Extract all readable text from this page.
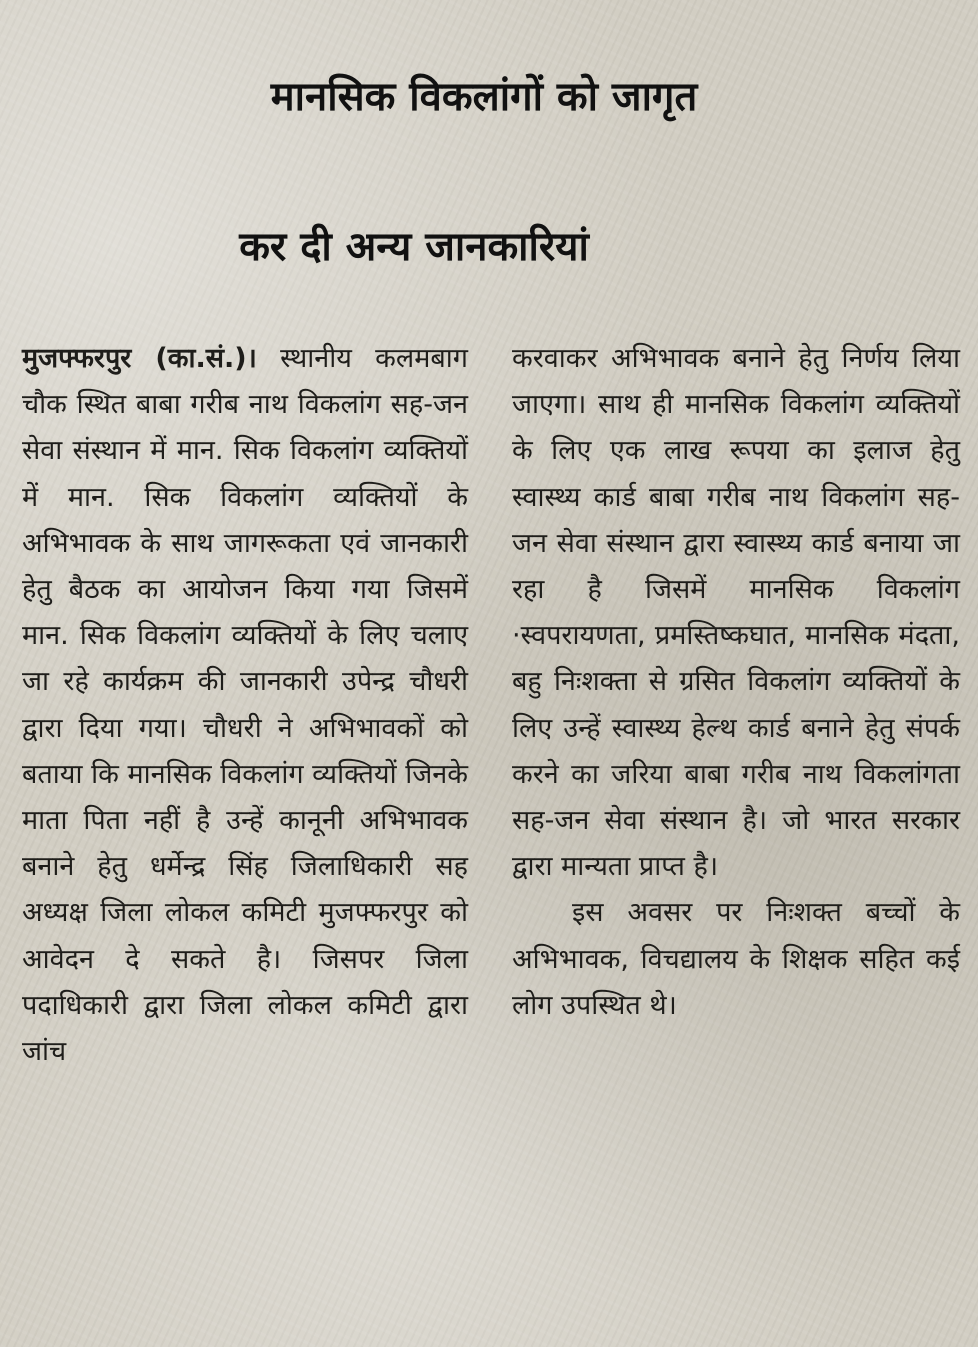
मानसिक विकलांगों को जागृत
कर दी अन्य जानकारियां

मुजफ्फरपुर (का.सं.)। स्थानीय कलमबाग चौक स्थित बाबा गरीब नाथ विकलांग सह-जन सेवा संस्थान में मान. सिक विकलांग व्यक्तियों में मान. सिक विकलांग व्यक्तियों के अभिभावक के साथ जागरूकता एवं जानकारी हेतु बैठक का आयोजन किया गया जिसमें मान. सिक विकलांग व्यक्तियों के लिए चलाए जा रहे कार्यक्रम की जानकारी उपेन्द्र चौधरी द्वारा दिया गया। चौधरी ने अभिभावकों को बताया कि मानसिक विकलांग व्यक्तियों जिनके माता पिता नहीं है उन्हें कानूनी अभिभावक बनाने हेतु धर्मेन्द्र सिंह जिलाधिकारी सह अध्यक्ष जिला लोकल कमिटी मुजफ्फरपुर को आवेदन दे सकते है। जिसपर जिला पदाधिकारी द्वारा जिला लोकल कमिटी द्वारा जांच

करवाकर अभिभावक बनाने हेतु निर्णय लिया जाएगा। साथ ही मानसिक विकलांग व्यक्तियों के लिए एक लाख रूपया का इलाज हेतु स्वास्थ्य कार्ड बाबा गरीब नाथ विकलांग सह-जन सेवा संस्थान द्वारा स्वास्थ्य कार्ड बनाया जा रहा है जिसमें मानसिक विकलांग ·स्वपरायणता, प्रमस्तिष्कघात, मानसिक मंदता, बहु निःशक्ता से ग्रसित विकलांग व्यक्तियों के लिए उन्हें स्वास्थ्य हेल्थ कार्ड बनाने हेतु संपर्क करने का जरिया बाबा गरीब नाथ विकलांगता सह-जन सेवा संस्थान है। जो भारत सरकार द्वारा मान्यता प्राप्त है।

इस अवसर पर निःशक्त बच्चों के अभिभावक, विचद्यालय के शिक्षक सहित कई लोग उपस्थित थे।
